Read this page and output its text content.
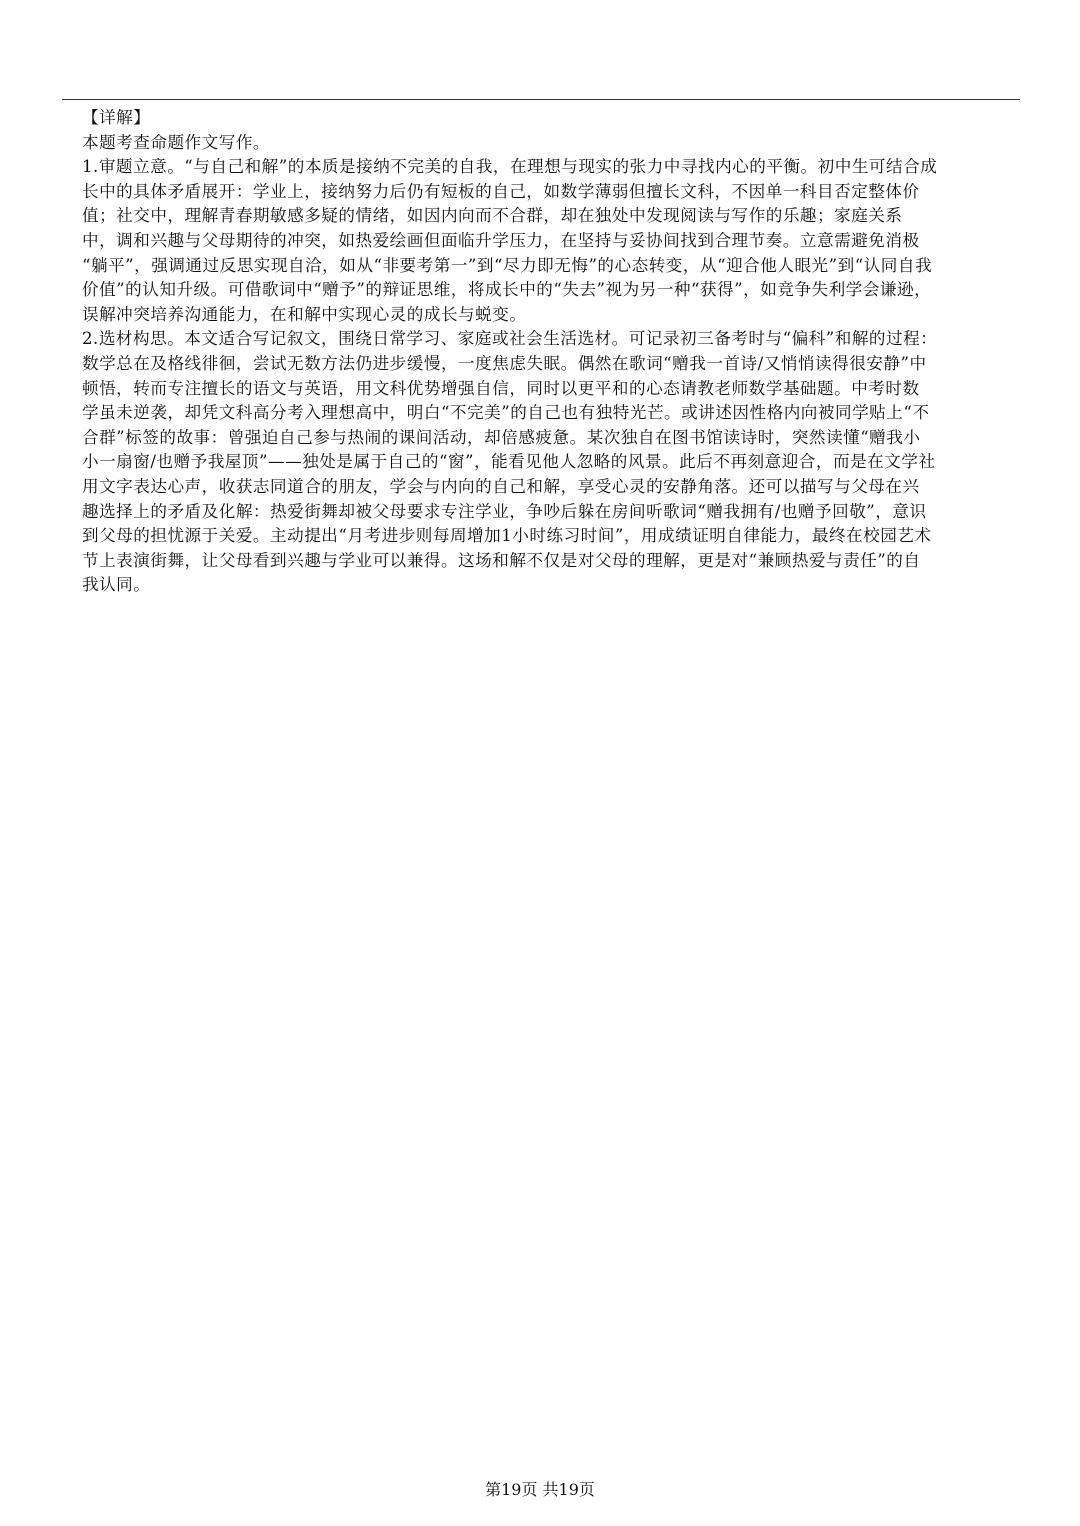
【详解】
本题考查命题作文写作。
1.审题立意。“与自己和解”的本质是接纳不完美的自我，在理想与现实的张力中寻找内心的平衡。初中生可结合成
长中的具体矛盾展开：学业上，接纳努力后仍有短板的自己，如数学薄弱但擅长文科，不因单一科目否定整体价
值；社交中，理解青春期敏感多疑的情绪，如因内向而不合群，却在独处中发现阅读与写作的乐趣；家庭关系
中，调和兴趣与父母期待的冲突，如热爱绘画但面临升学压力，在坚持与妥协间找到合理节奏。立意需避免消极
“躺平”，强调通过反思实现自洽，如从“非要考第一”到“尽力即无悔”的心态转变，从“迎合他人眼光”到“认同自我
价值”的认知升级。可借歌词中“赠予”的辩证思维，将成长中的“失去”视为另一种“获得”，如竞争失利学会谦逊，
误解冲突培养沟通能力，在和解中实现心灵的成长与蜕变。
2.选材构思。本文适合写记叙文，围绕日常学习、家庭或社会生活选材。可记录初三备考时与“偏科”和解的过程：
数学总在及格线徘徊，尝试无数方法仍进步缓慢，一度焦虑失眠。偶然在歌词“赠我一首诗/又悄悄读得很安静”中
顿悟，转而专注擅长的语文与英语，用文科优势增强自信，同时以更平和的心态请教老师数学基础题。中考时数
学虽未逆袭，却凭文科高分考入理想高中，明白“不完美”的自己也有独特光芒。或讲述因性格内向被同学贴上“不
合群”标签的故事：曾强迫自己参与热闹的课间活动，却倍感疲惫。某次独自在图书馆读诗时，突然读懂“赠我小
小一扇窗/也赠予我屋顶”——独处是属于自己的“窗”，能看见他人忽略的风景。此后不再刻意迎合，而是在文学社
用文字表达心声，收获志同道合的朋友，学会与内向的自己和解，享受心灵的安静角落。还可以描写与父母在兴
趣选择上的矛盾及化解：热爱街舞却被父母要求专注学业，争吵后躲在房间听歌词“赠我拥有/也赠予回敬”，意识
到父母的担忧源于关爱。主动提出“月考进步则每周增加1小时练习时间”，用成绩证明自律能力，最终在校园艺术
节上表演街舞，让父母看到兴趣与学业可以兼得。这场和解不仅是对父母的理解，更是对“兼顾热爱与责任”的自
我认同。
第19页 共19页
